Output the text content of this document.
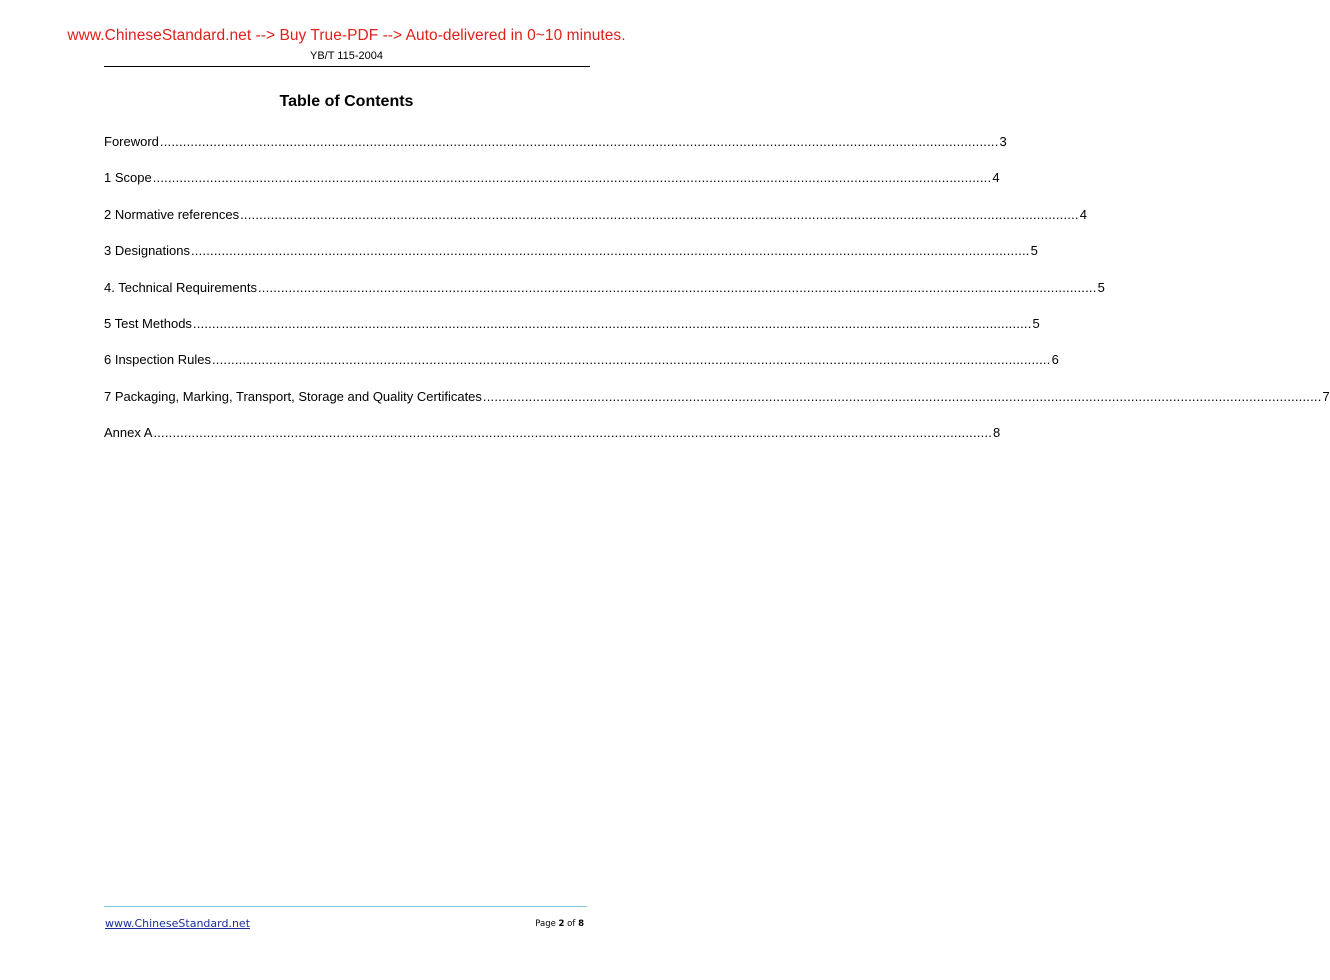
www.ChineseStandard.net --> Buy True-PDF --> Auto-delivered in 0~10 minutes.
YB/T 115-2004
Table of Contents
Foreword ............................................................................................................................................................................................................................ 3
1 Scope ............................................................................................................................................................................................................................ 4
2 Normative references ............................................................................................................................................................................................................................ 4
3 Designations ............................................................................................................................................................................................................................ 5
4. Technical Requirements ............................................................................................................................................................................................................................ 5
5 Test Methods ............................................................................................................................................................................................................................ 5
6 Inspection Rules ............................................................................................................................................................................................................................ 6
7 Packaging, Marking, Transport, Storage and Quality Certificates ............................................................................................................................................................................................................................ 7
Annex A ............................................................................................................................................................................................................................ 8
www.ChineseStandard.net	Page 2 of 8
